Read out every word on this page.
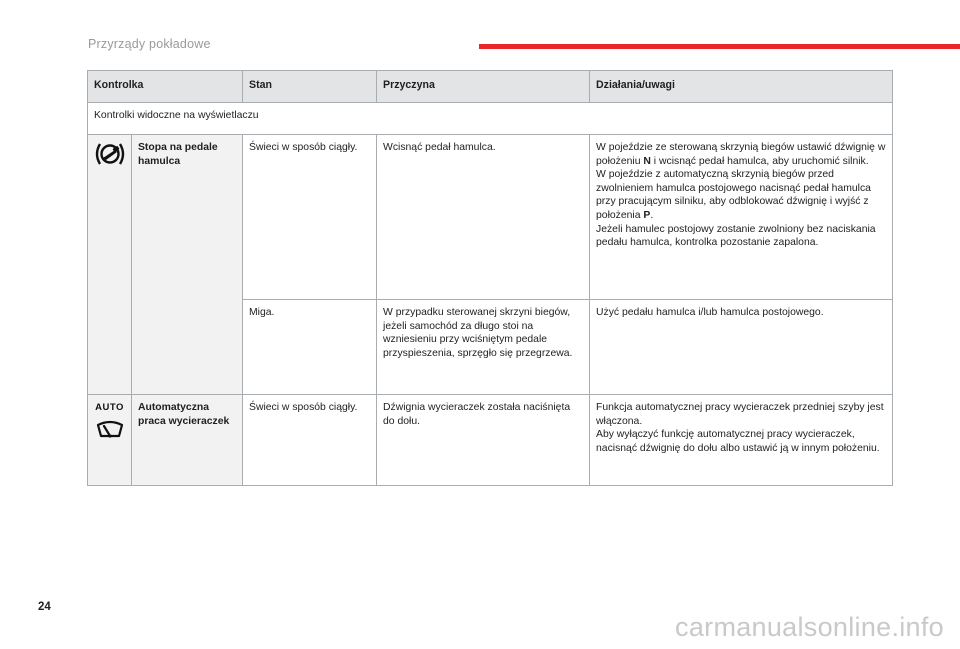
Przyrządy pokładowe
Kontrolka		Stan	Przyczyna	Działania/uwagi
Kontrolki widoczne na wyświetlaczu				

	Stopa na pedale hamulca	Świeci w sposób ciągły.	Wcisnąć pedał hamulca.	W pojeździe ze sterowaną skrzynią biegów ustawić dźwignię w położeniu N i wcisnąć pedał hamulca, aby uruchomić silnik.
W pojeździe z automatyczną skrzynią biegów przed zwolnieniem hamulca postojowego nacisnąć pedał hamulca przy pracującym silniku, aby odblokować dźwignię i wyjść z położenia P.
Jeżeli hamulec postojowy zostanie zwolniony bez naciskania pedału hamulca, kontrolka pozostanie zapalona.
		Miga.	W przypadku sterowanej skrzyni biegów, jeżeli samochód za długo stoi na wzniesieniu przy wciśniętym pedale przyspieszenia, sprzęgło się przegrzewa.	Użyć pedału hamulca i/lub hamulca postojowego.

AUTO	Automatyczna praca wycieraczek	Świeci w sposób ciągły.	Dźwignia wycieraczek została naciśnięta do dołu.	Funkcja automatycznej pracy wycieraczek przedniej szyby jest włączona.
Aby wyłączyć funkcję automatycznej pracy wycieraczek, nacisnąć dźwignię do dołu albo ustawić ją w innym położeniu.
24
carmanualsonline.info
